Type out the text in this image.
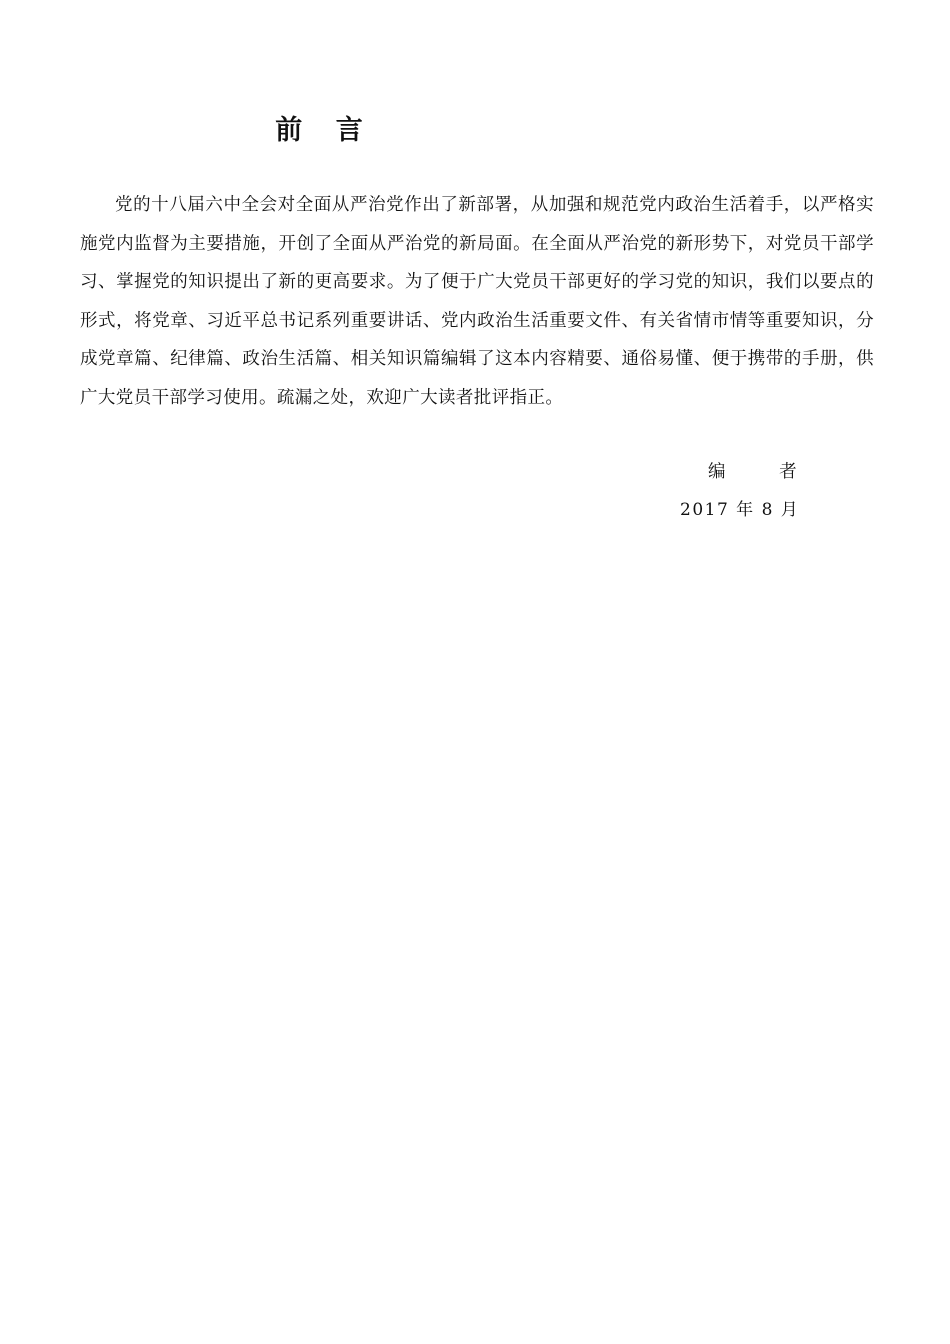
前 言

党的十八届六中全会对全面从严治党作出了新部署，从加强和规范党内政治生活着手，以严格实施党内监督为主要措施，开创了全面从严治党的新局面。在全面从严治党的新形势下，对党员干部学习、掌握党的知识提出了新的更高要求。为了便于广大党员干部更好的学习党的知识，我们以要点的形式，将党章、习近平总书记系列重要讲话、党内政治生活重要文件、有关省情市情等重要知识，分成党章篇、纪律篇、政治生活篇、相关知识篇编辑了这本内容精要、通俗易懂、便于携带的手册，供广大党员干部学习使用。疏漏之处，欢迎广大读者批评指正。

编 者
2017 年 8 月
